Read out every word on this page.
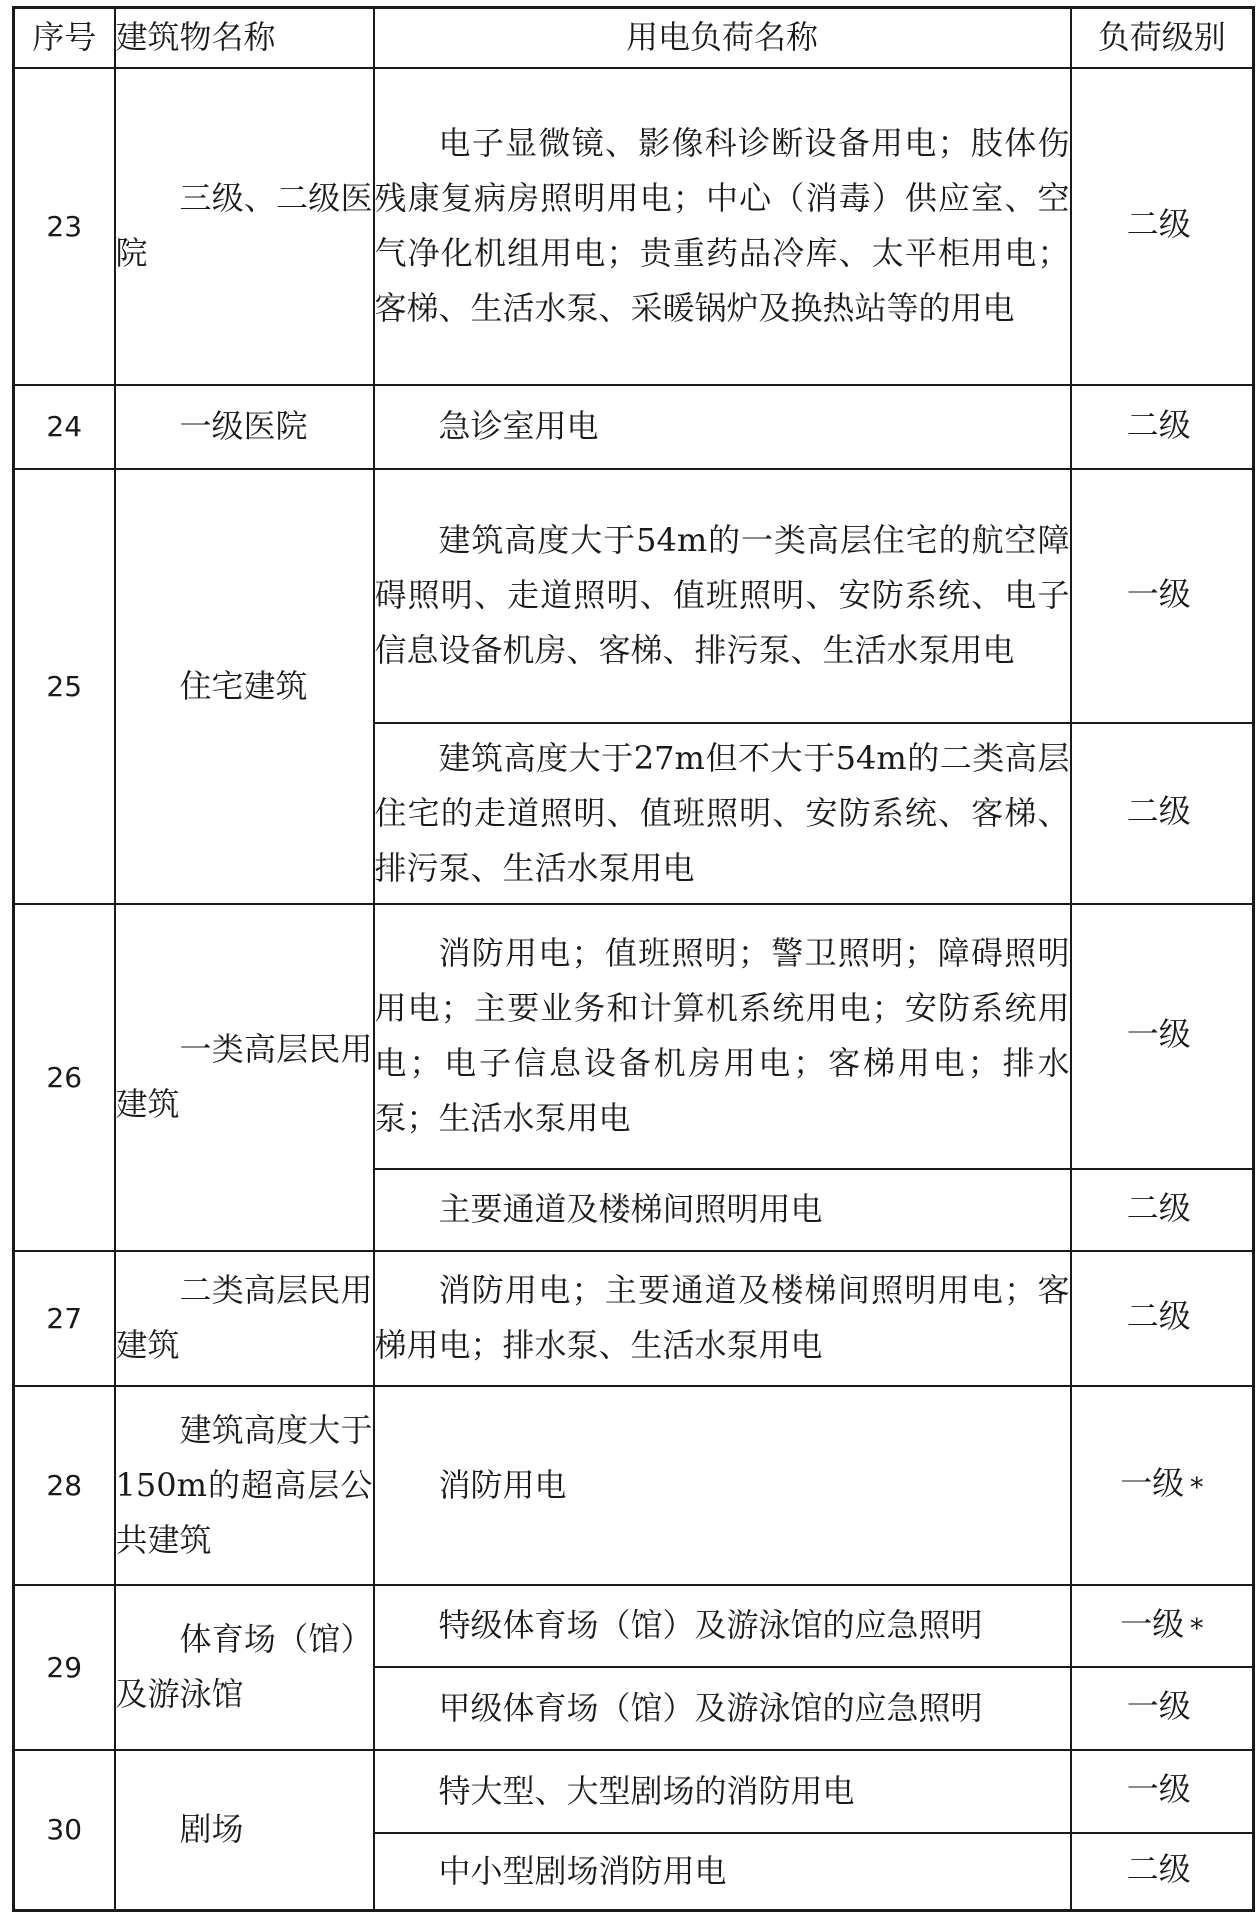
序号	建筑物名称	用电负荷名称	负荷级别
23	三级、二级医院	电子显微镜、影像科诊断设备用电；肢体伤残康复病房照明用电；中心（消毒）供应室、空气净化机组用电；贵重药品冷库、太平柜用电；客梯、生活水泵、采暖锅炉及换热站等的用电	二级
24	一级医院	急诊室用电	二级
25	住宅建筑	建筑高度大于54m的一类高层住宅的航空障碍照明、走道照明、值班照明、安防系统、电子信息设备机房、客梯、排污泵、生活水泵用电	一级
		建筑高度大于27m但不大于54m的二类高层住宅的走道照明、值班照明、安防系统、客梯、排污泵、生活水泵用电	二级
26	一类高层民用建筑	消防用电；值班照明；警卫照明；障碍照明用电；主要业务和计算机系统用电；安防系统用电；电子信息设备机房用电；客梯用电；排水泵；生活水泵用电	一级
		主要通道及楼梯间照明用电	二级
27	二类高层民用建筑	消防用电；主要通道及楼梯间照明用电；客梯用电；排水泵、生活水泵用电	二级
28	建筑高度大于150m的超高层公共建筑	消防用电	一级 *
29	体育场（馆）及游泳馆	特级体育场（馆）及游泳馆的应急照明	一级 *
		甲级体育场（馆）及游泳馆的应急照明	一级
30	剧场	特大型、大型剧场的消防用电	一级
		中小型剧场消防用电	二级
